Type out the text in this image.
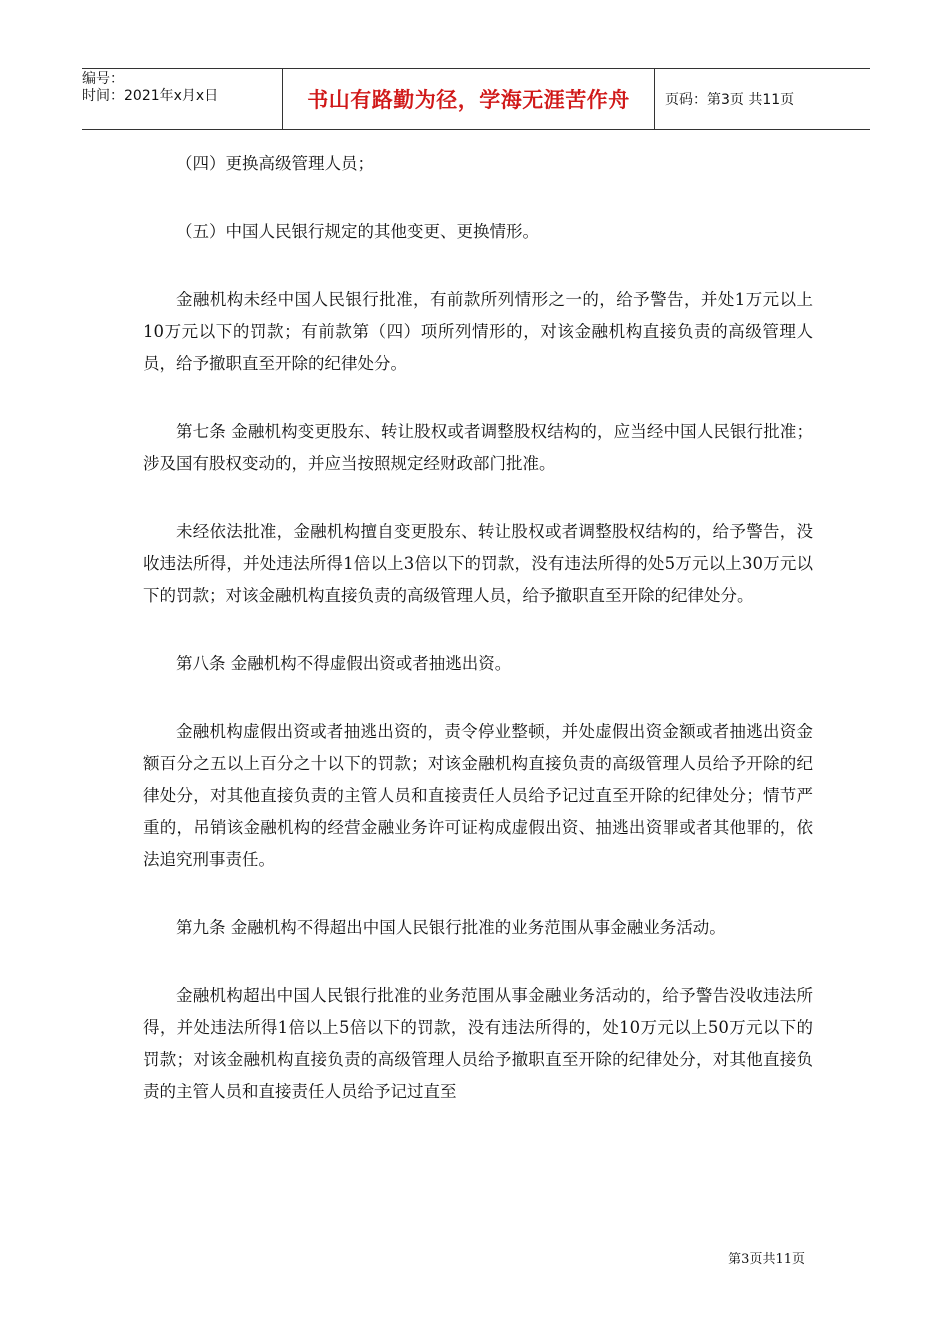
编号：
时间：2021年x月x日	书山有路勤为径，学海无涯苦作舟	页码：第3页 共11页

（四）更换高级管理人员；

（五）中国人民银行规定的其他变更、更换情形。

金融机构未经中国人民银行批准，有前款所列情形之一的，给予警告，并处1万元以上10万元以下的罚款；有前款第（四）项所列情形的，对该金融机构直接负责的高级管理人员，给予撤职直至开除的纪律处分。

第七条 金融机构变更股东、转让股权或者调整股权结构的，应当经中国人民银行批准；涉及国有股权变动的，并应当按照规定经财政部门批准。

未经依法批准，金融机构擅自变更股东、转让股权或者调整股权结构的，给予警告，没收违法所得，并处违法所得1倍以上3倍以下的罚款，没有违法所得的处5万元以上30万元以下的罚款；对该金融机构直接负责的高级管理人员，给予撤职直至开除的纪律处分。

第八条 金融机构不得虚假出资或者抽逃出资。

金融机构虚假出资或者抽逃出资的，责令停业整顿，并处虚假出资金额或者抽逃出资金额百分之五以上百分之十以下的罚款；对该金融机构直接负责的高级管理人员给予开除的纪律处分，对其他直接负责的主管人员和直接责任人员给予记过直至开除的纪律处分；情节严重的，吊销该金融机构的经营金融业务许可证构成虚假出资、抽逃出资罪或者其他罪的，依法追究刑事责任。

第九条 金融机构不得超出中国人民银行批准的业务范围从事金融业务活动。

金融机构超出中国人民银行批准的业务范围从事金融业务活动的，给予警告没收违法所得，并处违法所得1倍以上5倍以下的罚款，没有违法所得的，处10万元以上50万元以下的罚款；对该金融机构直接负责的高级管理人员给予撤职直至开除的纪律处分，对其他直接负责的主管人员和直接责任人员给予记过直至

第3页共11页
